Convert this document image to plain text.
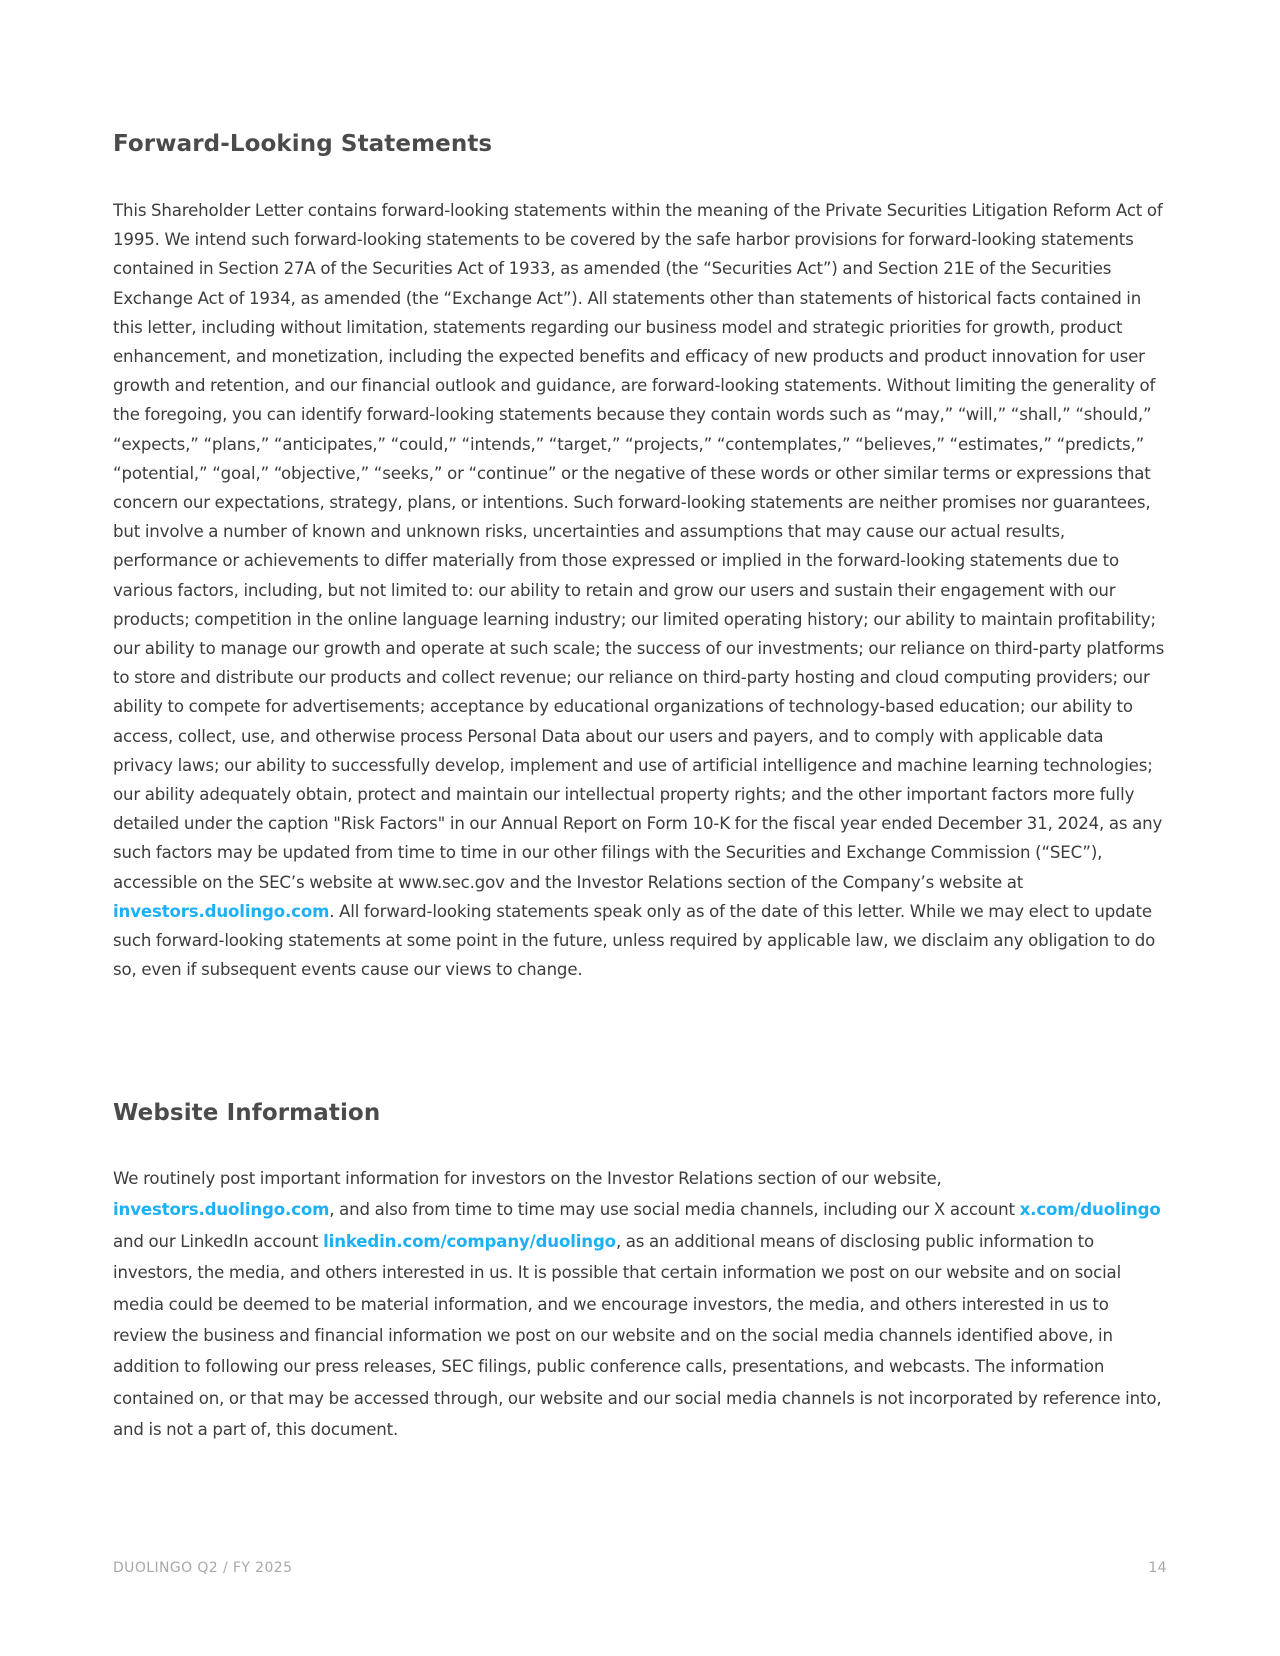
Forward-Looking Statements

This Shareholder Letter contains forward-looking statements within the meaning of the Private Securities Litigation Reform Act of 1995. We intend such forward-looking statements to be covered by the safe harbor provisions for forward-looking statements contained in Section 27A of the Securities Act of 1933, as amended (the “Securities Act”) and Section 21E of the Securities Exchange Act of 1934, as amended (the “Exchange Act”). All statements other than statements of historical facts contained in this letter, including without limitation, statements regarding our business model and strategic priorities for growth, product enhancement, and monetization, including the expected benefits and efficacy of new products and product innovation for user growth and retention, and our financial outlook and guidance, are forward-looking statements. Without limiting the generality of the foregoing, you can identify forward-looking statements because they contain words such as “may,” “will,” “shall,” “should,” “expects,” “plans,” “anticipates,” “could,” “intends,” “target,” “projects,” “contemplates,” “believes,” “estimates,” “predicts,” “potential,” “goal,” “objective,” “seeks,” or “continue” or the negative of these words or other similar terms or expressions that concern our expectations, strategy, plans, or intentions. Such forward-looking statements are neither promises nor guarantees, but involve a number of known and unknown risks, uncertainties and assumptions that may cause our actual results, performance or achievements to differ materially from those expressed or implied in the forward-looking statements due to various factors, including, but not limited to: our ability to retain and grow our users and sustain their engagement with our products; competition in the online language learning industry; our limited operating history; our ability to maintain profitability; our ability to manage our growth and operate at such scale; the success of our investments; our reliance on third-party platforms to store and distribute our products and collect revenue; our reliance on third-party hosting and cloud computing providers; our ability to compete for advertisements; acceptance by educational organizations of technology-based education; our ability to access, collect, use, and otherwise process Personal Data about our users and payers, and to comply with applicable data privacy laws; our ability to successfully develop, implement and use of artificial intelligence and machine learning technologies; our ability adequately obtain, protect and maintain our intellectual property rights; and the other important factors more fully detailed under the caption "Risk Factors" in our Annual Report on Form 10-K for the fiscal year ended December 31, 2024, as any such factors may be updated from time to time in our other filings with the Securities and Exchange Commission (“SEC”), accessible on the SEC’s website at www.sec.gov and the Investor Relations section of the Company’s website at investors.duolingo.com. All forward-looking statements speak only as of the date of this letter. While we may elect to update such forward-looking statements at some point in the future, unless required by applicable law, we disclaim any obligation to do so, even if subsequent events cause our views to change.

Website Information

We routinely post important information for investors on the Investor Relations section of our website, investors.duolingo.com, and also from time to time may use social media channels, including our X account x.com/duolingo and our LinkedIn account linkedin.com/company/duolingo, as an additional means of disclosing public information to investors, the media, and others interested in us. It is possible that certain information we post on our website and on social media could be deemed to be material information, and we encourage investors, the media, and others interested in us to review the business and financial information we post on our website and on the social media channels identified above, in addition to following our press releases, SEC filings, public conference calls, presentations, and webcasts. The information contained on, or that may be accessed through, our website and our social media channels is not incorporated by reference into, and is not a part of, this document.

DUOLINGO Q2 / FY 2025	14
